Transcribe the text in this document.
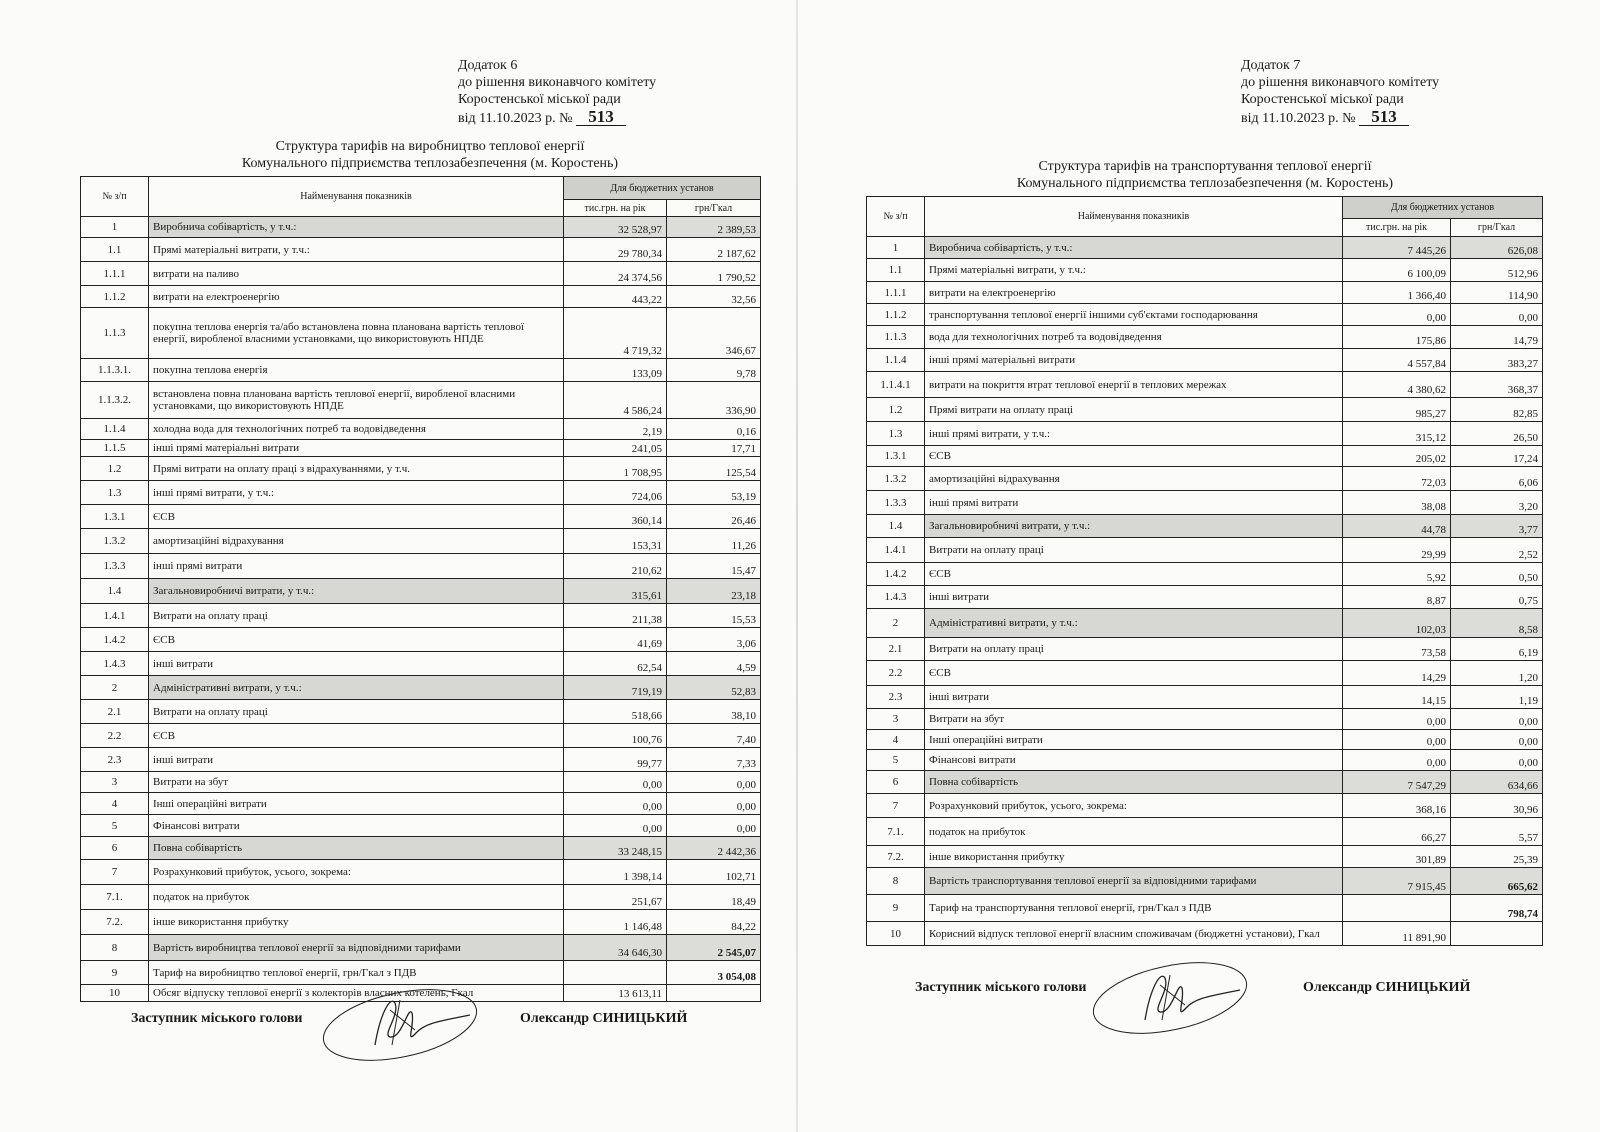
Додаток 6
до рішення виконавчого комітету
Коростенської міської ради
від 11.10.2023 р. № 513
Структура тарифів на виробництво теплової енергії
Комунального підприємства теплозабезпечення (м. Коростень)
№ з/п	Найменування показників	Для бюджетних установ	
		тис.грн. на рік	грн/Гкал
1	Виробнича собівартість, у т.ч.:	32 528,97	2 389,53
1.1	Прямі матеріальні витрати, у т.ч.:	29 780,34	2 187,62
1.1.1	витрати на паливо	24 374,56	1 790,52
1.1.2	витрати на електроенергію	443,22	32,56
1.1.3	покупна теплова енергія та/або встановлена повна планована вартість теплової енергії, виробленої власними установками, що використовують НПДЕ	4 719,32	346,67
1.1.3.1.	покупна теплова енергія	133,09	9,78
1.1.3.2.	встановлена повна планована вартість теплової енергії, виробленої власними установками, що використовують НПДЕ	4 586,24	336,90
1.1.4	холодна вода для технологічних потреб та водовідведення	2,19	0,16
1.1.5	інші прямі матеріальні витрати	241,05	17,71
1.2	Прямі витрати на оплату праці з відрахуваннями, у т.ч.	1 708,95	125,54
1.3	інші прямі витрати, у т.ч.:	724,06	53,19
1.3.1	ЄСВ	360,14	26,46
1.3.2	амортизаційні відрахування	153,31	11,26
1.3.3	інші прямі витрати	210,62	15,47
1.4	Загальновиробничі витрати, у т.ч.:	315,61	23,18
1.4.1	Витрати на оплату праці	211,38	15,53
1.4.2	ЄСВ	41,69	3,06
1.4.3	інші витрати	62,54	4,59
2	Адміністративні витрати, у т.ч.:	719,19	52,83
2.1	Витрати на оплату праці	518,66	38,10
2.2	ЄСВ	100,76	7,40
2.3	інші витрати	99,77	7,33
3	Витрати на збут	0,00	0,00
4	Інші операційні витрати	0,00	0,00
5	Фінансові витрати	0,00	0,00
6	Повна собівартість	33 248,15	2 442,36
7	Розрахунковий прибуток, усього, зокрема:	1 398,14	102,71
7.1.	податок на прибуток	251,67	18,49
7.2.	інше використання прибутку	1 146,48	84,22
8	Вартість виробництва теплової енергії за відповідними тарифами	34 646,30	2 545,07
9	Тариф на виробництво теплової енергії, грн/Гкал з ПДВ		3 054,08
10	Обсяг відпуску теплової енергії з колекторів власних котелень, Гкал	13 613,11	
Заступник міського голови	Олександр СИНИЦЬКИЙ
Додаток 7
до рішення виконавчого комітету
Коростенської міської ради
від 11.10.2023 р. № 513
Структура тарифів на транспортування теплової енергії
Комунального підприємства теплозабезпечення (м. Коростень)
№ з/п	Найменування показників	Для бюджетних установ	
		тис.грн. на рік	грн/Гкал
1	Виробнича собівартість, у т.ч.:	7 445,26	626,08
1.1	Прямі матеріальні витрати, у т.ч.:	6 100,09	512,96
1.1.1	витрати на електроенергію	1 366,40	114,90
1.1.2	транспортування теплової енергії іншими суб'єктами господарювання	0,00	0,00
1.1.3	вода для технологічних потреб та водовідведення	175,86	14,79
1.1.4	інші прямі матеріальні витрати	4 557,84	383,27
1.1.4.1	витрати на покриття втрат теплової енергії в теплових мережах	4 380,62	368,37
1.2	Прямі витрати на оплату праці	985,27	82,85
1.3	інші прямі витрати, у т.ч.:	315,12	26,50
1.3.1	ЄСВ	205,02	17,24
1.3.2	амортизаційні відрахування	72,03	6,06
1.3.3	інші прямі витрати	38,08	3,20
1.4	Загальновиробничі витрати, у т.ч.:	44,78	3,77
1.4.1	Витрати на оплату праці	29,99	2,52
1.4.2	ЄСВ	5,92	0,50
1.4.3	інші витрати	8,87	0,75
2	Адміністративні витрати, у т.ч.:	102,03	8,58
2.1	Витрати на оплату праці	73,58	6,19
2.2	ЄСВ	14,29	1,20
2.3	інші витрати	14,15	1,19
3	Витрати на збут	0,00	0,00
4	Інші операційні витрати	0,00	0,00
5	Фінансові витрати	0,00	0,00
6	Повна собівартість	7 547,29	634,66
7	Розрахунковий прибуток, усього, зокрема:	368,16	30,96
7.1.	податок на прибуток	66,27	5,57
7.2.	інше використання прибутку	301,89	25,39
8	Вартість транспортування теплової енергії за відповідними тарифами	7 915,45	665,62
9	Тариф на транспортування теплової енергії, грн/Гкал з ПДВ		798,74
10	Корисний відпуск теплової енергії власним споживачам (бюджетні установи), Гкал	11 891,90	
Заступник міського голови	Олександр СИНИЦЬКИЙ
